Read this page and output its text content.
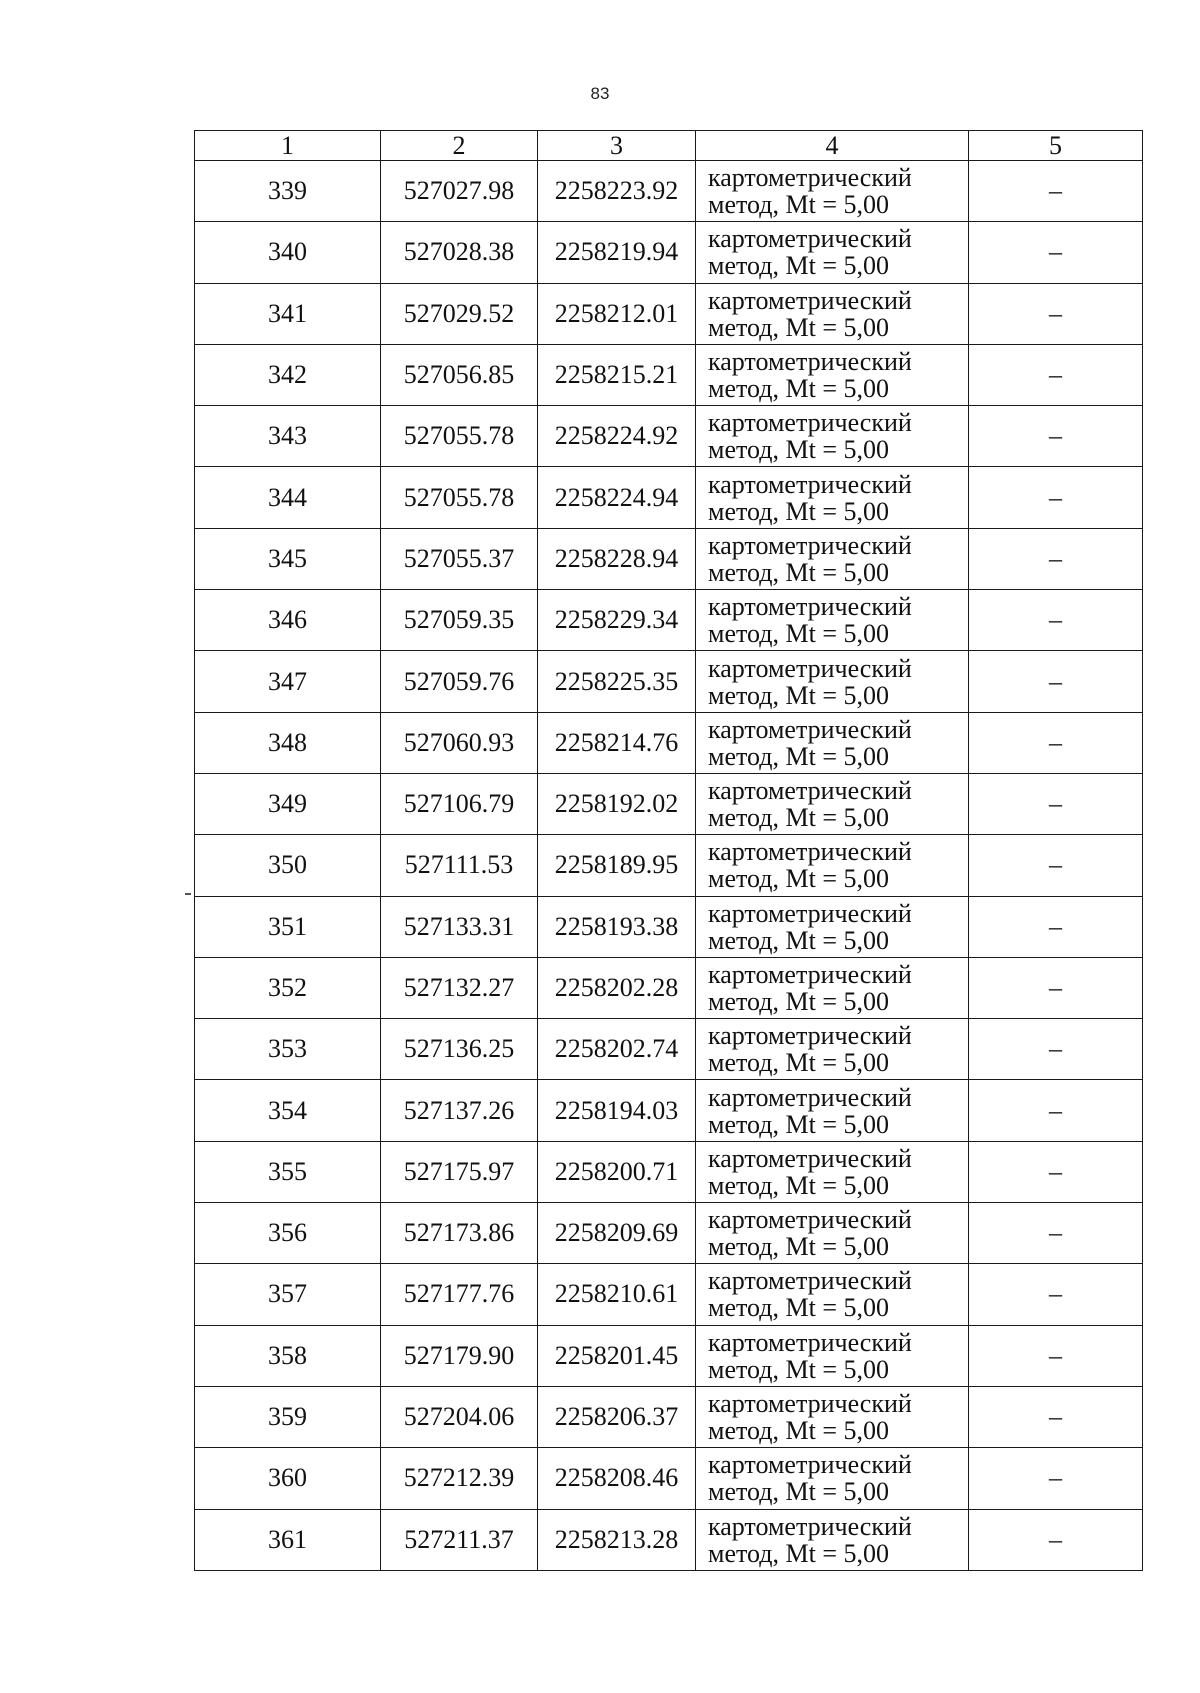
83
1	2	3	4	5
339	527027.98	2258223.92	картометрический
метод, Mt = 5,00	–
340	527028.38	2258219.94	картометрический
метод, Mt = 5,00	–
341	527029.52	2258212.01	картометрический
метод, Mt = 5,00	–
342	527056.85	2258215.21	картометрический
метод, Mt = 5,00	–
343	527055.78	2258224.92	картометрический
метод, Mt = 5,00	–
344	527055.78	2258224.94	картометрический
метод, Mt = 5,00	–
345	527055.37	2258228.94	картометрический
метод, Mt = 5,00	–
346	527059.35	2258229.34	картометрический
метод, Mt = 5,00	–
347	527059.76	2258225.35	картометрический
метод, Mt = 5,00	–
348	527060.93	2258214.76	картометрический
метод, Mt = 5,00	–
349	527106.79	2258192.02	картометрический
метод, Mt = 5,00	–
350	527111.53	2258189.95	картометрический
метод, Mt = 5,00	–
351	527133.31	2258193.38	картометрический
метод, Mt = 5,00	–
352	527132.27	2258202.28	картометрический
метод, Mt = 5,00	–
353	527136.25	2258202.74	картометрический
метод, Mt = 5,00	–
354	527137.26	2258194.03	картометрический
метод, Mt = 5,00	–
355	527175.97	2258200.71	картометрический
метод, Mt = 5,00	–
356	527173.86	2258209.69	картометрический
метод, Mt = 5,00	–
357	527177.76	2258210.61	картометрический
метод, Mt = 5,00	–
358	527179.90	2258201.45	картометрический
метод, Mt = 5,00	–
359	527204.06	2258206.37	картометрический
метод, Mt = 5,00	–
360	527212.39	2258208.46	картометрический
метод, Mt = 5,00	–
361	527211.37	2258213.28	картометрический
метод, Mt = 5,00	–
